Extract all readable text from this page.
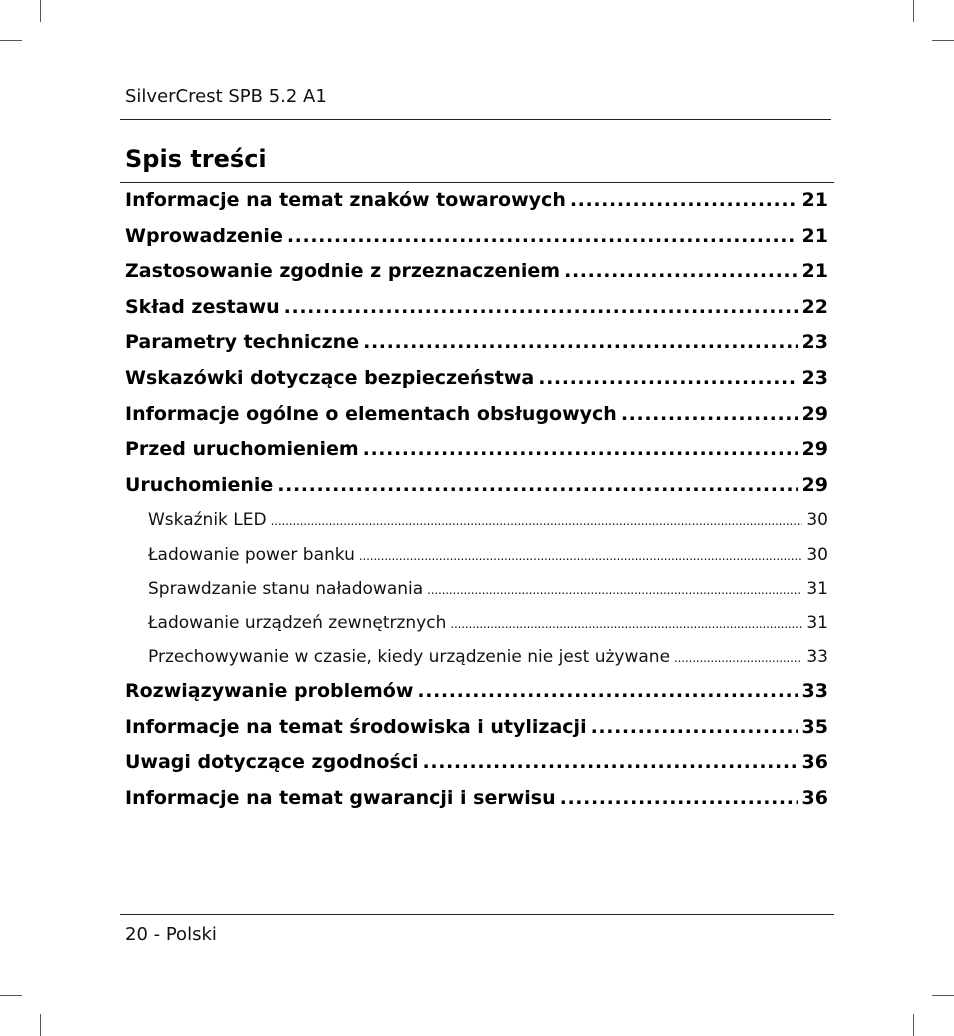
SilverCrest SPB 5.2 A1
Spis treści
Informacje na temat znaków towarowych . . .	21
Wprowadzenie . . .	21
Zastosowanie zgodnie z przeznaczeniem . . .	21
Skład zestawu . . .	22
Parametry techniczne . . .	23
Wskazówki dotyczące bezpieczeństwa . . .	23
Informacje ogólne o elementach obsługowych . . .	29
Przed uruchomieniem . . .	29
Uruchomienie . . .	29
Wskaźnik LED . . .	30
Ładowanie power banku . . .	30
Sprawdzanie stanu naładowania . . .	31
Ładowanie urządzeń zewnętrznych . . .	31
Przechowywanie w czasie, kiedy urządzenie nie jest używane . . .	33
Rozwiązywanie problemów . . .	33
Informacje na temat środowiska i utylizacji . . .	35
Uwagi dotyczące zgodności . . .	36
Informacje na temat gwarancji i serwisu . . .	36
20 - Polski
